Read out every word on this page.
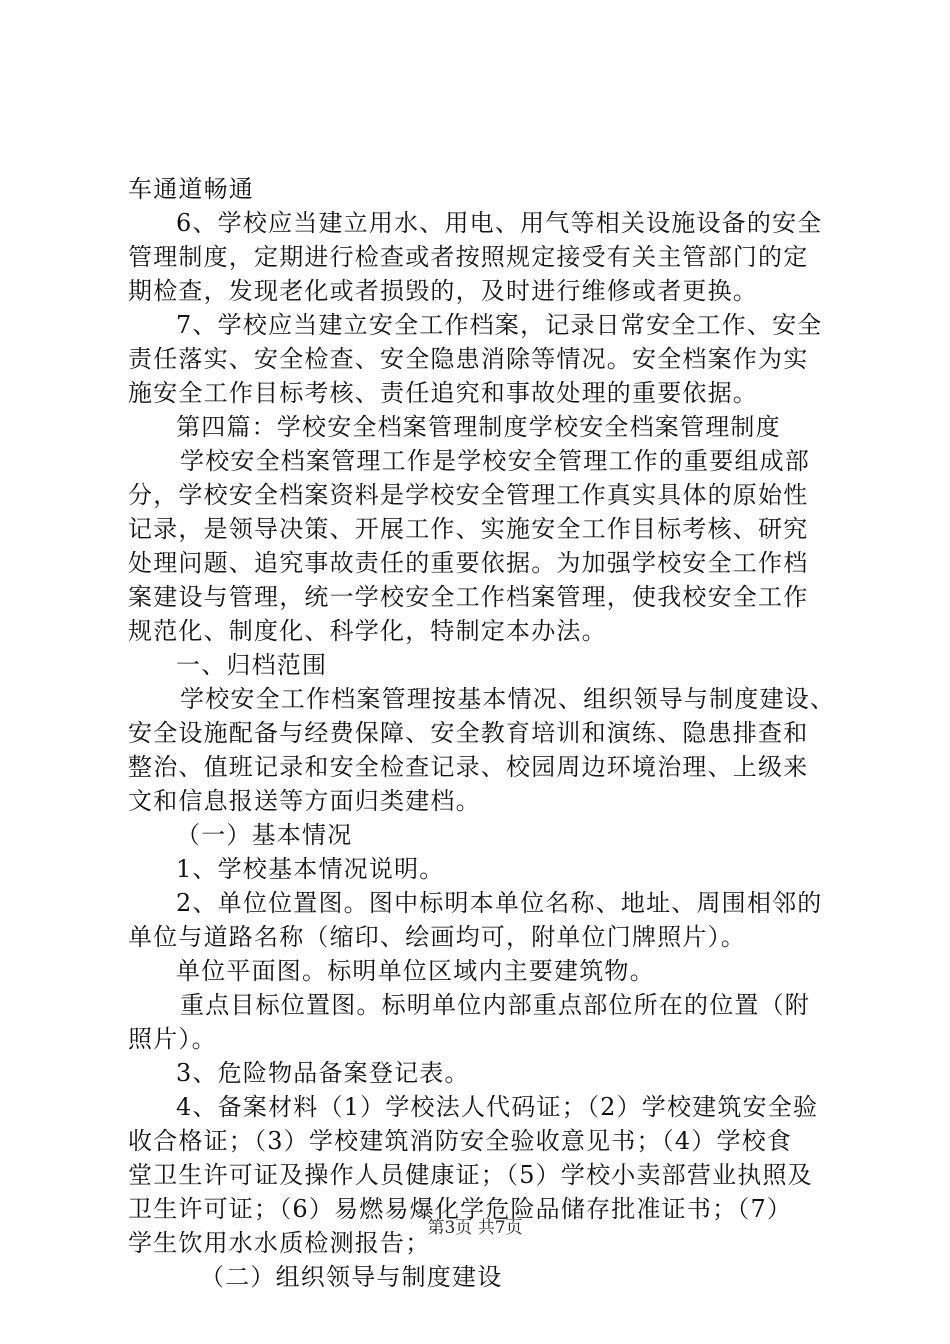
车通道畅通
6、学校应当建立用水、用电、用气等相关设施设备的安全
管理制度，定期进行检查或者按照规定接受有关主管部门的定
期检查，发现老化或者损毁的，及时进行维修或者更换。
7、学校应当建立安全工作档案，记录日常安全工作、安全
责任落实、安全检查、安全隐患消除等情况。安全档案作为实
施安全工作目标考核、责任追究和事故处理的重要依据。
第四篇：学校安全档案管理制度学校安全档案管理制度
学校安全档案管理工作是学校安全管理工作的重要组成部
分，学校安全档案资料是学校安全管理工作真实具体的原始性
记录，是领导决策、开展工作、实施安全工作目标考核、研究
处理问题、追究事故责任的重要依据。为加强学校安全工作档
案建设与管理，统一学校安全工作档案管理，使我校安全工作
规范化、制度化、科学化，特制定本办法。
一、归档范围
学校安全工作档案管理按基本情况、组织领导与制度建设、
安全设施配备与经费保障、安全教育培训和演练、隐患排查和
整治、值班记录和安全检查记录、校园周边环境治理、上级来
文和信息报送等方面归类建档。
（一）基本情况
1、学校基本情况说明。
2、单位位置图。图中标明本单位名称、地址、周围相邻的
单位与道路名称（缩印、绘画均可，附单位门牌照片）。
单位平面图。标明单位区域内主要建筑物。
重点目标位置图。标明单位内部重点部位所在的位置（附
照片）。
3、危险物品备案登记表。
4、备案材料（1）学校法人代码证；（2）学校建筑安全验
收合格证；（3）学校建筑消防安全验收意见书；（4）学校食
堂卫生许可证及操作人员健康证；（5）学校小卖部营业执照及
卫生许可证；（6）易燃易爆化学危险品储存批准证书；（7）
学生饮用水水质检测报告；
（二）组织领导与制度建设
第3页 共7页
